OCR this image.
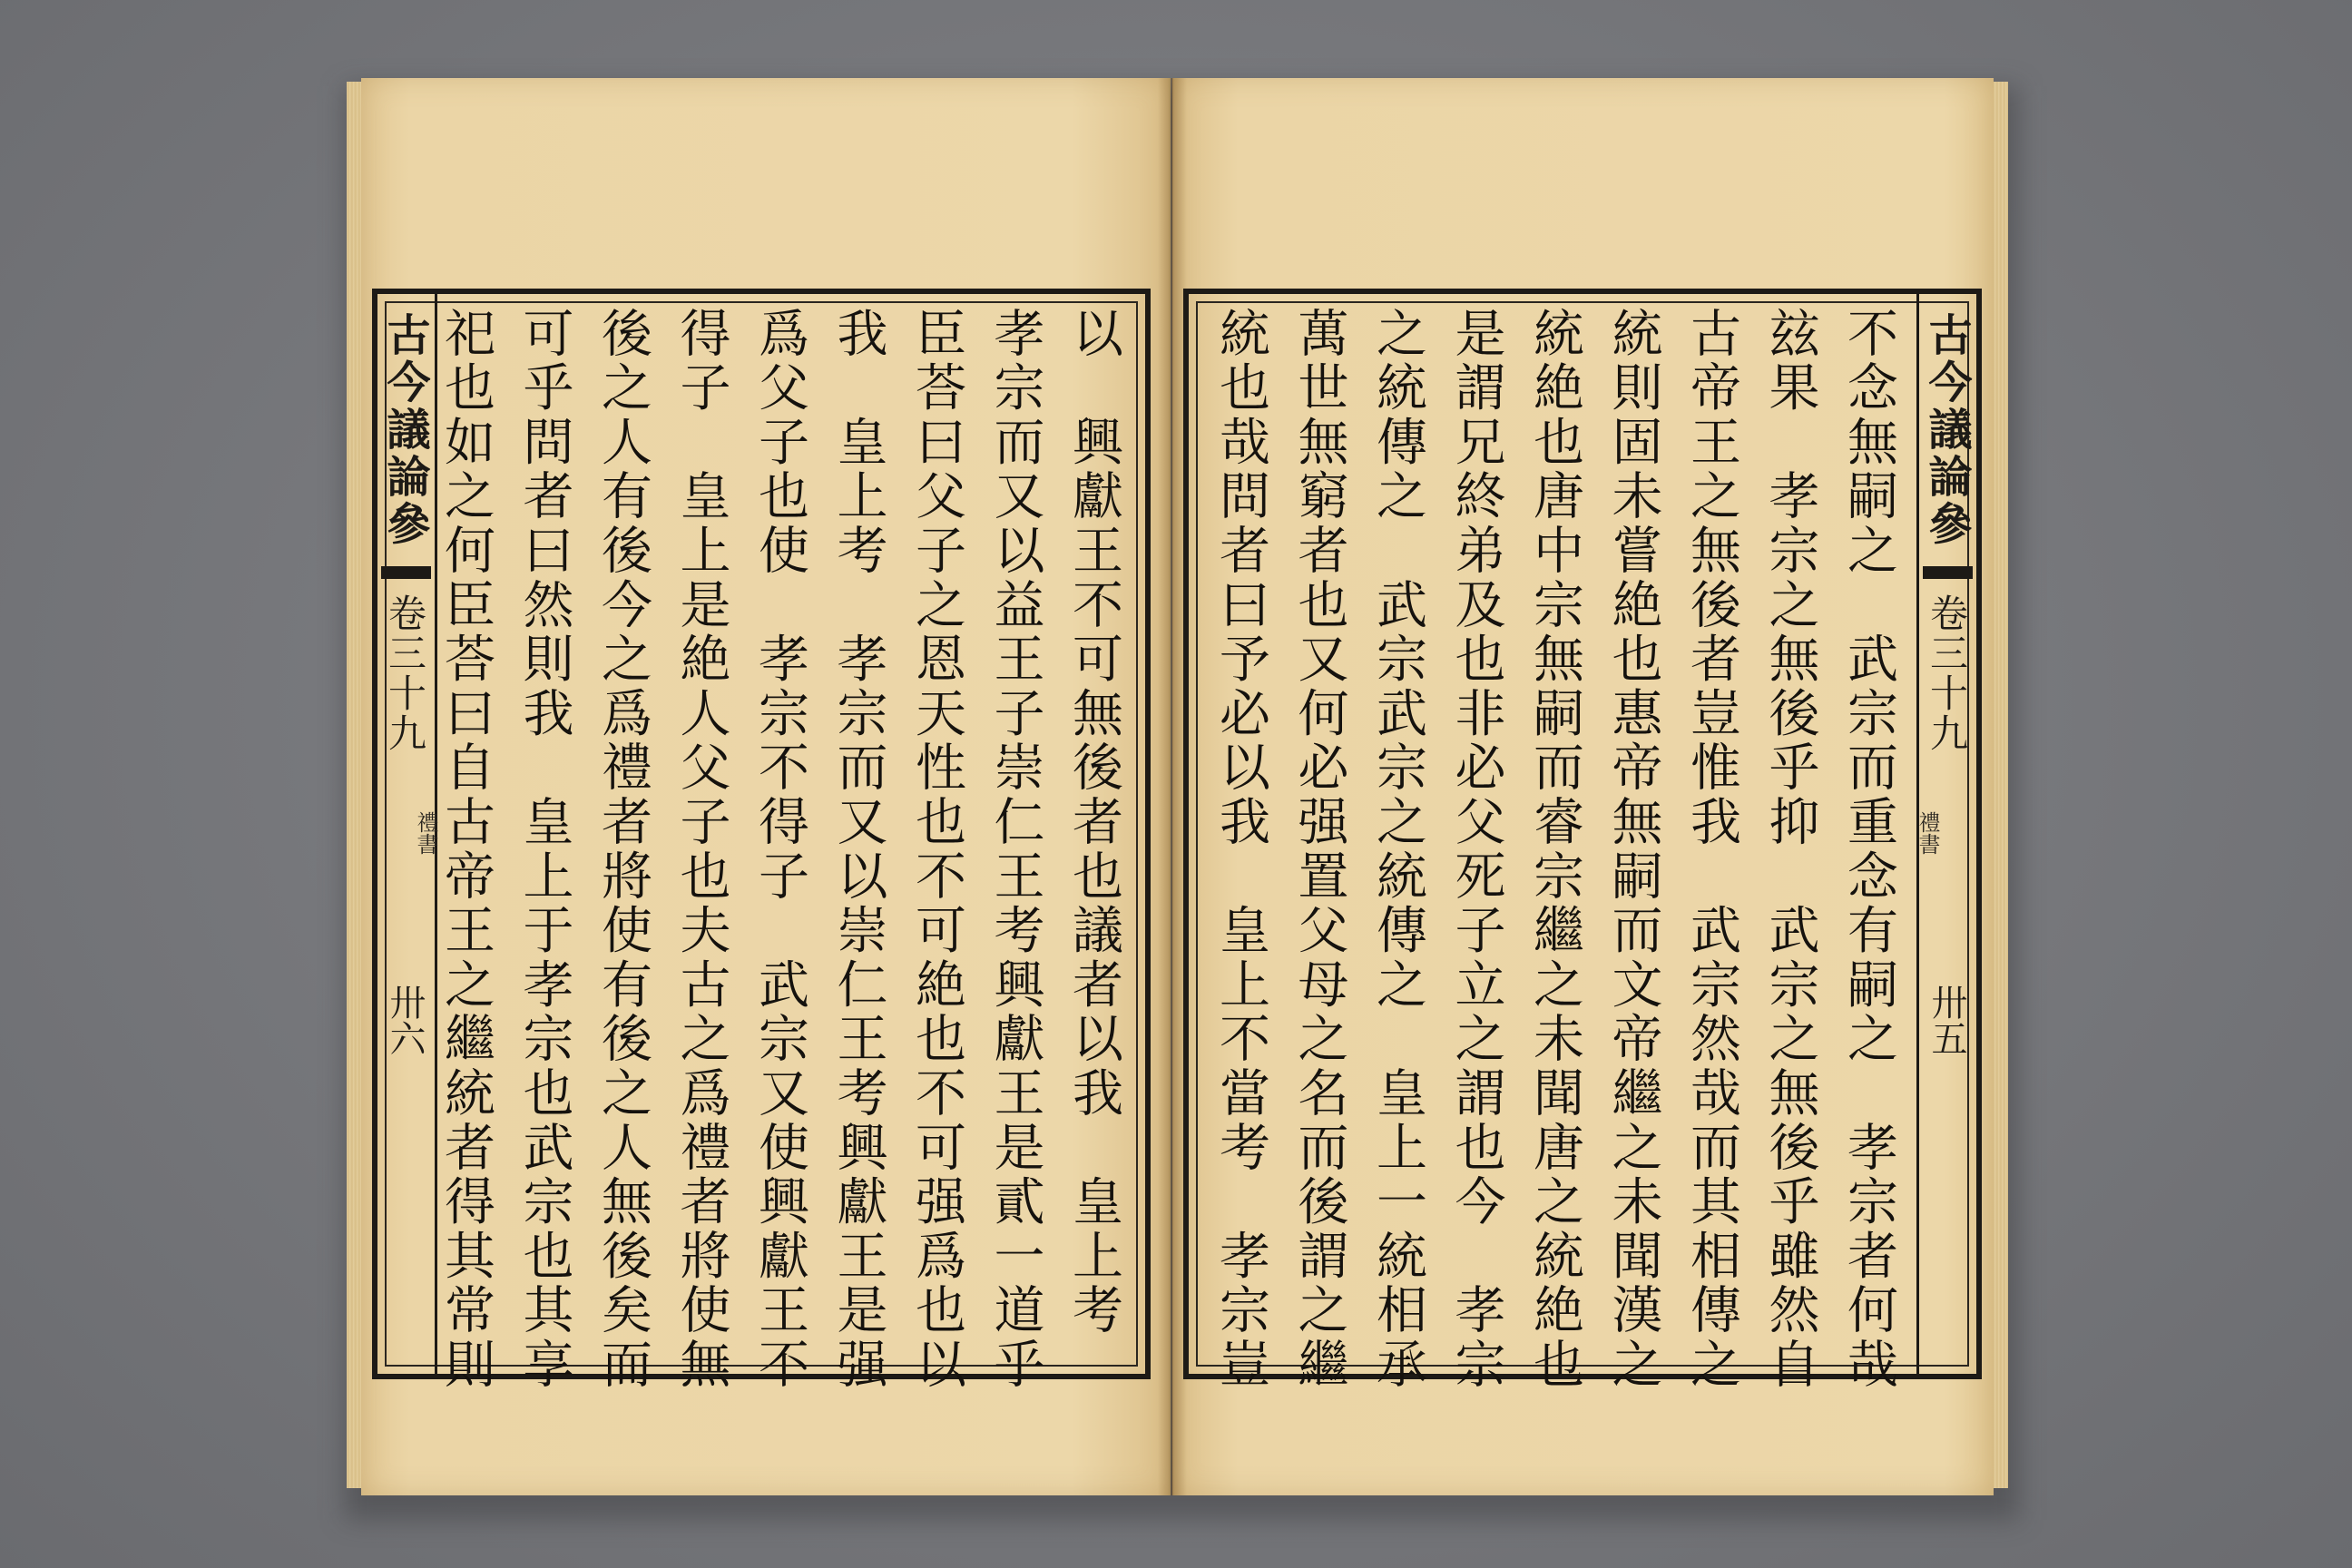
古今議論參
卷三十九
禮書
卅五
不念無嗣之　武宗而重念有嗣之　孝宗者何哉
玆果　孝宗之無後乎抑　武宗之無後乎雖然自
古帝王之無後者豈惟我　武宗然哉而其相傳之
統則固未嘗絶也惠帝無嗣而文帝繼之未聞漢之
統絶也唐中宗無嗣而睿宗繼之未聞唐之統絶也
是謂兄終弟及也非必父死子立之謂也今　孝宗
之統傳之　武宗武宗之統傳之　皇上一統相承
萬世無窮者也又何必强置父母之名而後謂之繼
統也哉問者曰予必以我　皇上不當考　孝宗豈
古今議論參
卷三十九
禮書
卅六	以　興獻王不可無後者也議者以我　皇上考
孝宗而又以益王子崇仁王考興獻王是貳一道乎
臣荅曰父子之恩天性也不可絶也不可强爲也以
我　皇上考　孝宗而又以崇仁王考興獻王是强
爲父子也使　孝宗不得子　武宗又使興獻王不
得子　皇上是絶人父子也夫古之爲禮者將使無
後之人有後今之爲禮者將使有後之人無後矣而
可乎問者曰然則我　皇上于孝宗也武宗也其享
祀也如之何臣荅曰自古帝王之繼統者得其常則
